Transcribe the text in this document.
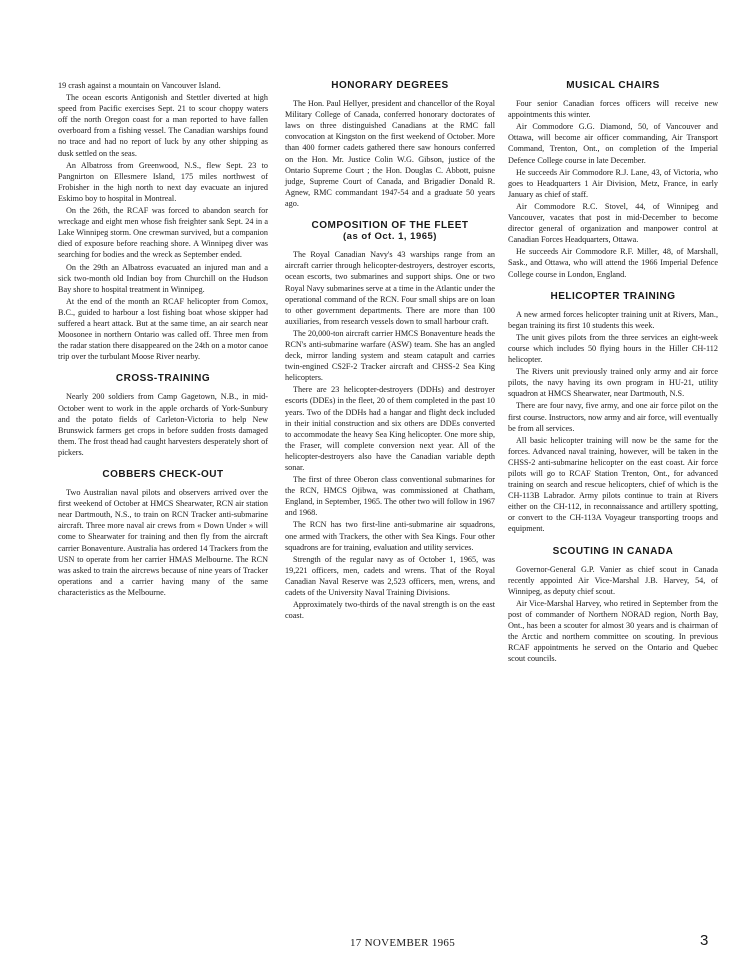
19 crash against a mountain on Vancouver Island.

The ocean escorts Antigonish and Stettler diverted at high speed from Pacific exercises Sept. 21 to scour choppy waters off the north Oregon coast for a man reported to have fallen overboard from a fishing vessel. The Canadian warships found no trace and had no report of luck by any other shipping as dusk settled on the seas.

An Albatross from Greenwood, N.S., flew Sept. 23 to Pangnirton on Ellesmere Island, 175 miles northwest of Frobisher in the high north to next day evacuate an injured Eskimo boy to hospital in Montreal.

On the 26th, the RCAF was forced to abandon search for wreckage and eight men whose fish freighter sank Sept. 24 in a Lake Winnipeg storm. One crewman survived, but a companion died of exposure before reaching shore. A Winnipeg diver was searching for bodies and the wreck as September ended.

On the 29th an Albatross evacuated an injured man and a sick two-month old Indian boy from Churchill on the Hudson Bay shore to hospital treatment in Winnipeg.

At the end of the month an RCAF helicopter from Comox, B.C., guided to harbour a lost fishing boat whose skipper had suffered a heart attack. But at the same time, an air search near Moosonee in northern Ontario was called off. Three men from the radar station there disappeared on the 24th on a motor canoe trip over the turbulant Moose River nearby.

CROSS-TRAINING

Nearly 200 soldiers from Camp Gagetown, N.B., in mid-October went to work in the apple orchards of York-Sunbury and the potato fields of Carleton-Victoria to help New Brunswick farmers get crops in before sudden frosts damaged them. The frost thead had caught harvesters desperately short of pickers.

COBBERS CHECK-OUT

Two Australian naval pilots and observers arrived over the first weekend of October at HMCS Shearwater, RCN air station near Dartmouth, N.S., to train on RCN Tracker anti-submarine aircraft. Three more naval air crews from « Down Under » will come to Shearwater for training and then fly from the aircraft carrier Bonaventure. Australia has ordered 14 Trackers from the USN to operate from her carrier HMAS Melbourne. The RCN was asked to train the aircrews because of nine years of Tracker operations and a carrier having many of the same characteristics as the Melbourne.

HONORARY DEGREES

The Hon. Paul Hellyer, president and chancellor of the Royal Military College of Canada, conferred honorary doctorates of laws on three distinguished Canadians at the RMC fall convocation at Kingston on the first weekend of October. More than 400 former cadets gathered there saw honours conferred on the Hon. Mr. Justice Colin W.G. Gibson, justice of the Ontario Supreme Court ; the Hon. Douglas C. Abbott, puisne judge, Supreme Court of Canada, and Brigadier Donald R. Agnew, RMC commandant 1947-54 and a graduate 50 years ago.

COMPOSITION OF THE FLEET
(as of Oct. 1, 1965)

The Royal Canadian Navy's 43 warships range from an aircraft carrier through helicopter-destroyers, destroyer escorts, ocean escorts, two submarines and support ships. One or two Royal Navy submarines serve at a time in the Atlantic under the operational command of the RCN. Four small ships are on loan to other government departments. There are more than 100 auxiliaries, from research vessels down to small harbour craft.

The 20,000-ton aircraft carrier HMCS Bonaventure heads the RCN's anti-submarine warfare (ASW) team. She has an angled deck, mirror landing system and steam catapult and carries twin-engined CS2F-2 Tracker aircraft and CHSS-2 Sea King helicopters.

There are 23 helicopter-destroyers (DDHs) and destroyer escorts (DDEs) in the fleet, 20 of them completed in the past 10 years. Two of the DDHs had a hangar and flight deck included in their initial construction and six others are DDEs converted to accommodate the heavy Sea King helicopter. One more ship, the Fraser, will complete conversion next year. All of the helicopter-destroyers also have the Canadian variable depth sonar.

The first of three Oberon class conventional submarines for the RCN, HMCS Ojibwa, was commissioned at Chatham, England, in September, 1965. The other two will follow in 1967 and 1968.

The RCN has two first-line anti-submarine air squadrons, one armed with Trackers, the other with Sea Kings. Four other squadrons are for training, evaluation and utility services.

Strength of the regular navy as of October 1, 1965, was 19,221 officers, men, cadets and wrens. That of the Royal Canadian Naval Reserve was 2,523 officers, men, wrens, and cadets of the University Naval Training Divisions.

Approximately two-thirds of the naval strength is on the east coast.

MUSICAL CHAIRS

Four senior Canadian forces officers will receive new appointments this winter.

Air Commodore G.G. Diamond, 50, of Vancouver and Ottawa, will become air officer commanding, Air Transport Command, Trenton, Ont., on completion of the Imperial Defence College course in late December.

He succeeds Air Commodore R.J. Lane, 43, of Victoria, who goes to Headquarters 1 Air Division, Metz, France, in early January as chief of staff.

Air Commodore R.C. Stovel, 44, of Winnipeg and Vancouver, vacates that post in mid-December to become director general of organization and manpower control at Canadian Forces Headquarters, Ottawa.

He succeeds Air Commodore R.F. Miller, 48, of Marshall, Sask., and Ottawa, who will attend the 1966 Imperial Defence College course in London, England.

HELICOPTER TRAINING

A new armed forces helicopter training unit at Rivers, Man., began training its first 10 students this week.

The unit gives pilots from the three services an eight-week course which includes 50 flying hours in the Hiller CH-112 helicopter.

The Rivers unit previously trained only army and air force pilots, the navy having its own program in HU-21, utility squadron at HMCS Shearwater, near Dartmouth, N.S.

There are four navy, five army, and one air force pilot on the first course. Instructors, now army and air force, will eventually be from all services.

All basic helicopter training will now be the same for the forces. Advanced naval training, however, will be taken in the CHSS-2 anti-submarine helicopter on the east coast. Air force pilots will go to RCAF Station Trenton, Ont., for advanced training on search and rescue helicopters, chief of which is the CH-113B Labrador. Army pilots continue to train at Rivers either on the CH-112, in reconnaissance and artillery spotting, or convert to the CH-113A Voyageur transporting troops and equipment.

SCOUTING IN CANADA

Governor-General G.P. Vanier as chief scout in Canada recently appointed Air Vice-Marshal J.B. Harvey, 54, of Winnipeg, as deputy chief scout.

Air Vice-Marshal Harvey, who retired in September from the post of commander of Northern NORAD region, North Bay, Ont., has been a scouter for almost 30 years and is chairman of the Arctic and northern committee on scouting. In previous RCAF appointments he served on the Ontario and Quebec scout councils.

17 NOVEMBER 1965	3
